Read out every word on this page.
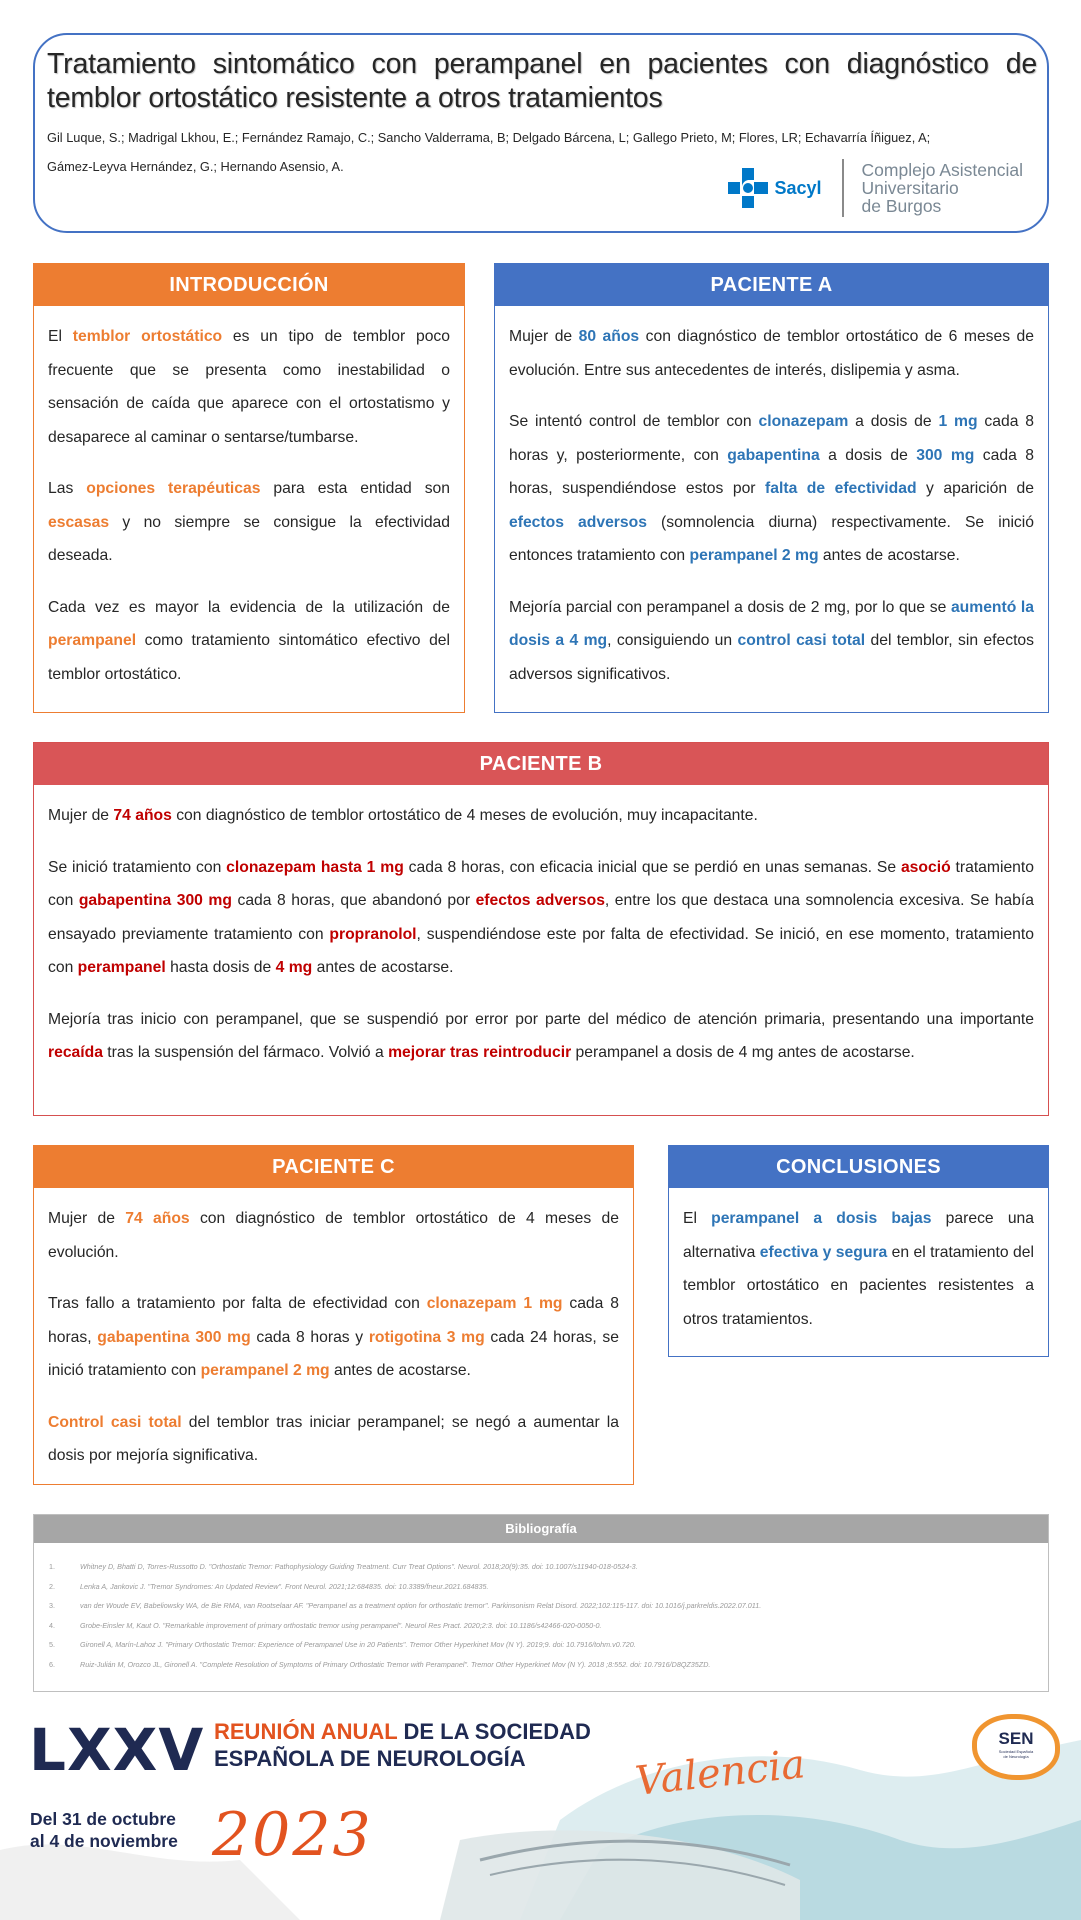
Tratamiento sintomático con perampanel en pacientes con diagnóstico de temblor ortostático resistente a otros tratamientos
Gil Luque, S.; Madrigal Lkhou, E.; Fernández Ramajo, C.; Sancho Valderrama, B; Delgado Bárcena, L; Gallego Prieto, M; Flores, LR; Echavarría Íñiguez, A;
Gámez-Leyva Hernández, G.; Hernando Asensio, A.
Sacyl
Complejo Asistencial
Universitario
de Burgos
INTRODUCCIÓN

El temblor ortostático es un tipo de temblor poco frecuente que se presenta como inestabilidad o sensación de caída que aparece con el ortostatismo y desaparece al caminar o sentarse/tumbarse.

Las opciones terapéuticas para esta entidad son escasas y no siempre se consigue la efectividad deseada.

Cada vez es mayor la evidencia de la utilización de perampanel como tratamiento sintomático efectivo del temblor ortostático.

PACIENTE A

Mujer de 80 años con diagnóstico de temblor ortostático de 6 meses de evolución. Entre sus antecedentes de interés, dislipemia y asma.

Se intentó control de temblor con clonazepam a dosis de 1 mg cada 8 horas y, posteriormente, con gabapentina a dosis de 300 mg cada 8 horas, suspendiéndose estos por falta de efectividad y aparición de efectos adversos (somnolencia diurna) respectivamente. Se inició entonces tratamiento con perampanel 2 mg antes de acostarse.

Mejoría parcial con perampanel a dosis de 2 mg, por lo que se aumentó la dosis a 4 mg, consiguiendo un control casi total del temblor, sin efectos adversos significativos.

PACIENTE B

Mujer de 74 años con diagnóstico de temblor ortostático de 4 meses de evolución, muy incapacitante.

Se inició tratamiento con clonazepam hasta 1 mg cada 8 horas, con eficacia inicial que se perdió en unas semanas. Se asoció tratamiento con gabapentina 300 mg cada 8 horas, que abandonó por efectos adversos, entre los que destaca una somnolencia excesiva. Se había ensayado previamente tratamiento con propranolol, suspendiéndose este por falta de efectividad. Se inició, en ese momento, tratamiento con perampanel hasta dosis de 4 mg antes de acostarse.

Mejoría tras inicio con perampanel, que se suspendió por error por parte del médico de atención primaria, presentando una importante recaída tras la suspensión del fármaco. Volvió a mejorar tras reintroducir perampanel a dosis de 4 mg antes de acostarse.

PACIENTE C

Mujer de 74 años con diagnóstico de temblor ortostático de 4 meses de evolución.

Tras fallo a tratamiento por falta de efectividad con clonazepam 1 mg cada 8 horas, gabapentina 300 mg cada 8 horas y rotigotina 3 mg cada 24 horas, se inició tratamiento con perampanel 2 mg antes de acostarse.

Control casi total del temblor tras iniciar perampanel; se negó a aumentar la dosis por mejoría significativa.

CONCLUSIONES

El perampanel a dosis bajas parece una alternativa efectiva y segura en el tratamiento del temblor ortostático en pacientes resistentes a otros tratamientos.

Bibliografía
1.	Whitney D, Bhatti D, Torres-Russotto D. "Orthostatic Tremor: Pathophysiology Guiding Treatment. Curr Treat Options". Neurol. 2018;20(9):35. doi: 10.1007/s11940-018-0524-3.
2.	Lenka A, Jankovic J. "Tremor Syndromes: An Updated Review". Front Neurol. 2021;12:684835. doi: 10.3389/fneur.2021.684835.
3.	van der Woude EV, Babeliowsky WA, de Bie RMA, van Rootselaar AF. "Perampanel as a treatment option for orthostatic tremor". Parkinsonism Relat Disord. 2022;102:115-117. doi: 10.1016/j.parkreldis.2022.07.011.
4.	Grobe-Einsler M, Kaut O. "Remarkable improvement of primary orthostatic tremor using perampanel". Neurol Res Pract. 2020;2:3. doi: 10.1186/s42466-020-0050-0.
5.	Gironell A, Marín-Lahoz J. "Primary Orthostatic Tremor: Experience of Perampanel Use in 20 Patients". Tremor Other Hyperkinet Mov (N Y). 2019;9. doi: 10.7916/tohm.v0.720.
6.	Ruiz-Julián M, Orozco JL, Gironell A. "Complete Resolution of Symptoms of Primary Orthostatic Tremor with Perampanel". Tremor Other Hyperkinet Mov (N Y). 2018 ;8:552. doi: 10.7916/D8QZ35ZD.
LXXV REUNIÓN ANUAL DE LA SOCIEDAD
ESPAÑOLA DE NEUROLOGÍA
Del 31 de octubre
al 4 de noviembre 2023
Valencia
SEN
Sociedad Española
de Neurología
